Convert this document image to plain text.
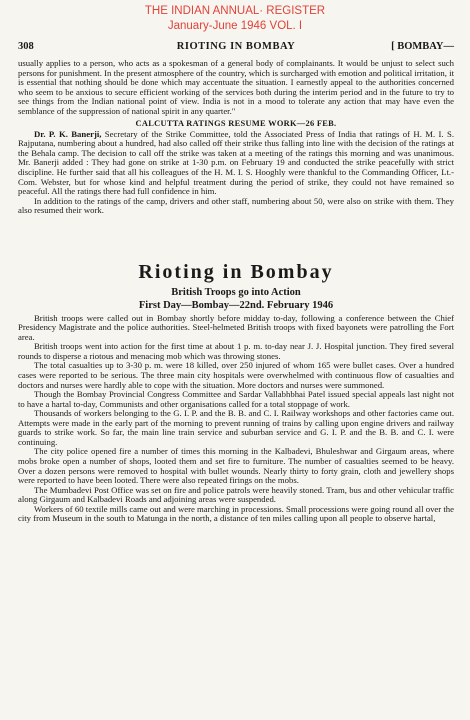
THE INDIAN ANNUAL· REGISTER
January-June 1946 VOL. I
308	RIOTING IN BOMBAY	[ BOMBAY—

usually applies to a person, who acts as a spokesman of a general body of complainants. It would be unjust to select such persons for punishment. In the present atmosphere of the country, which is surcharged with emotion and political irritation, it is essential that nothing should be done which may accentuate the situation. I earnestly appeal to the authorities concerned who seem to be anxious to secure efficient working of the services both during the interim period and in the future to try to see things from the Indian national point of view. India is not in a mood to tolerate any action that may have even the semblance of the suppression of national spirit in any quarter."

CALCUTTA RATINGS RESUME WORK—26 FEB.

Dr. P. K. Banerji, Secretary of the Strike Committee, told the Associated Press of India that ratings of H. M. I. S. Rajputana, numbering about a hundred, had also called off their strike thus falling into line with the decision of the ratings at the Behala camp. The decision to call off the strike was taken at a meeting of the ratings this morning and was unanimous. Mr. Banerji added : They had gone on strike at 1-30 p.m. on February 19 and conducted the strike peacefully with strict discipline. He further said that all his colleagues of the H. M. I. S. Hooghly were thankful to the Commanding Officer, Lt.-Com. Webster, but for whose kind and helpful treatment during the period of strike, they could not have remained so peaceful. All the ratings there had full confidence in him.

In addition to the ratings of the camp, drivers and other staff, numbering about 50, were also on strike with them. They also resumed their work.

Rioting in Bombay
British Troops go into Action
First Day—Bombay—22nd. February 1946

British troops were called out in Bombay shortly before midday to-day, following a conference between the Chief Presidency Magistrate and the police authorities. Steel-helmeted British troops with fixed bayonets were patrolling the Fort area.

British troops went into action for the first time at about 1 p. m. to-day near J. J. Hospital junction. They fired several rounds to disperse a riotous and menacing mob which was throwing stones.

The total casualties up to 3-30 p. m. were 18 killed, over 250 injured of whom 165 were bullet cases. Over a hundred cases were reported to be serious. The three main city hospitals were overwhelmed with continuous flow of casualties and doctors and nurses were hardly able to cope with the situation. More doctors and nurses were summoned.

Though the Bombay Provincial Congress Committee and Sardar Vallabhbhai Patel issued special appeals last night not to have a hartal to-day, Communists and other organisations called for a total stoppage of work.

Thousands of workers belonging to the G. I. P. and the B. B. and C. I. Railway workshops and other factories came out. Attempts were made in the early part of the morning to prevent running of trains by calling upon engine drivers and railway guards to strike work. So far, the main line train service and suburban service and G. I. P. and the B. B. and C. I. were continuing.

The city police opened fire a number of times this morning in the Kalbadevi, Bhuleshwar and Girgaum areas, where mobs broke open a number of shops, looted them and set fire to furniture. The number of casualties seemed to be heavy. Over a dozen persons were removed to hospital with bullet wounds. Nearly thirty to forty grain, cloth and jewellery shops were reported to have been looted. There were also repeated firings on the mobs.

The Mumbadevi Post Office was set on fire and police patrols were heavily stoned. Tram, bus and other vehicular traffic along Girgaum and Kalbadevi Roads and adjoining areas were suspended.

Workers of 60 textile mills came out and were marching in processions. Small processions were going round all over the city from Museum in the south to Matunga in the north, a distance of ten miles calling upon all people to observe hartal,
